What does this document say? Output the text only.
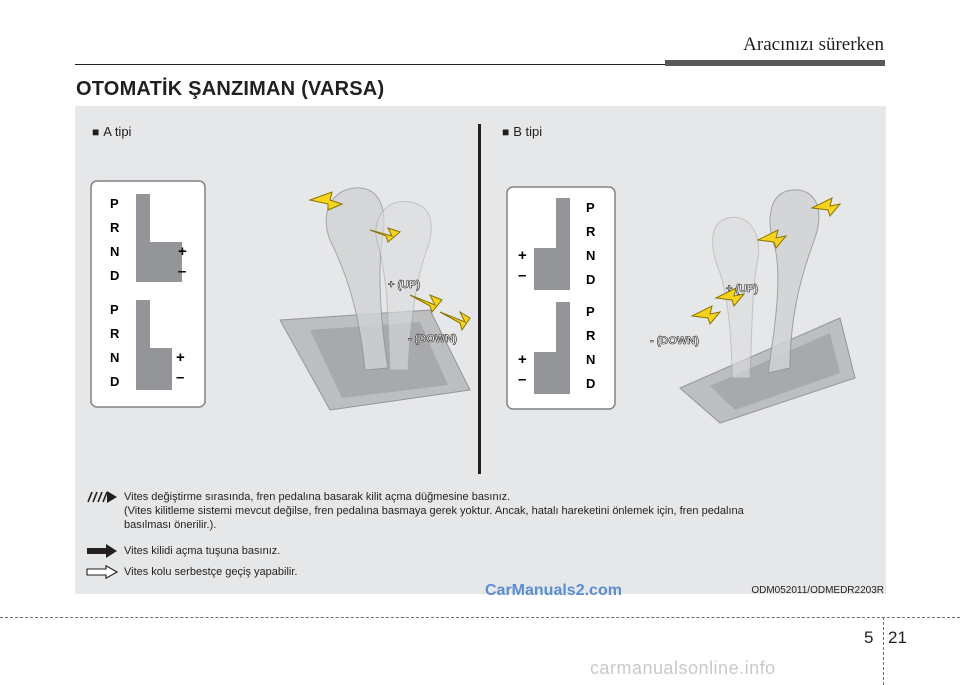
Aracınızı sürerken
OTOMATİK ŞANZIMAN (VARSA)
■ A tipi	■ B tipi
P
R
N
D
+
–
P
R
N
D
+
–
+ (UP)
- (DOWN)
P
R
N
D
+
–
P
R
N
D
+
–
+ (UP)
- (DOWN)
Vites değiştirme sırasında, fren pedalına basarak kilit açma düğmesine basınız.
(Vites kilitleme sistemi mevcut değilse, fren pedalına basmaya gerek yoktur. Ancak, hatalı hareketini önlemek için, fren pedalına
basılması önerilir.).
Vites kilidi açma tuşuna basınız.
Vites kolu serbestçe geçiş yapabilir.
ODM052011/ODMEDR2203R
CarManuals2.com
5 21
carmanualsonline.info
